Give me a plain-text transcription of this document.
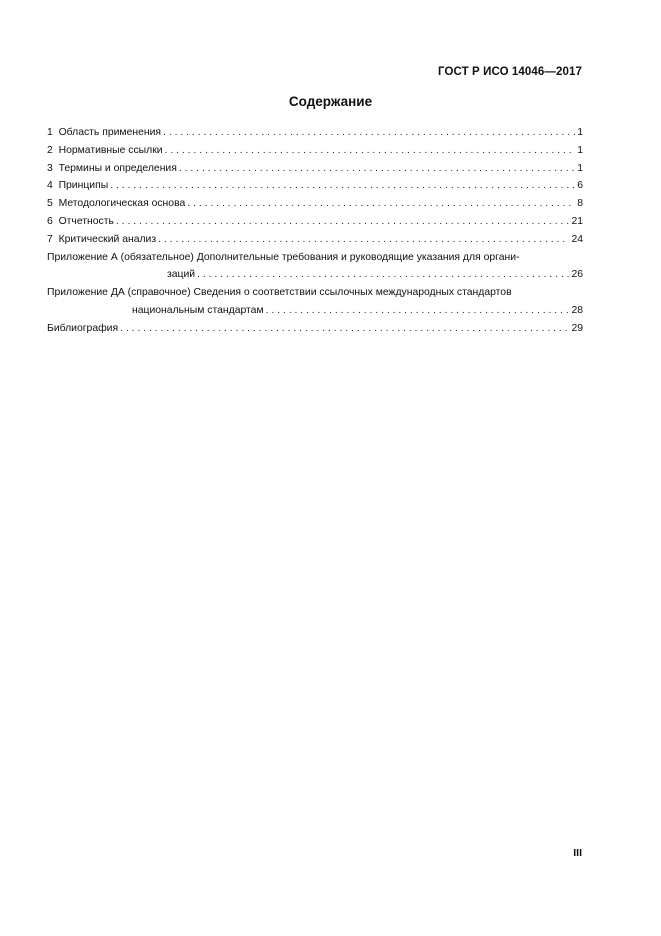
ГОСТ Р ИСО 14046—2017
Содержание
1 Область применения . . .	1
2 Нормативные ссылки . . .	1
3 Термины и определения . . .	1
4 Принципы . . .	6
5 Методологическая основа . . .	8
6 Отчетность . . .	21
7 Критический анализ . . .	24
Приложение А (обязательное) Дополнительные требования и руководящие указания для органи-
заций . . .	26
Приложение ДА (справочное) Сведения о соответствии ссылочных международных стандартов
национальным стандартам . . .	28
Библиография . . .	29
III
